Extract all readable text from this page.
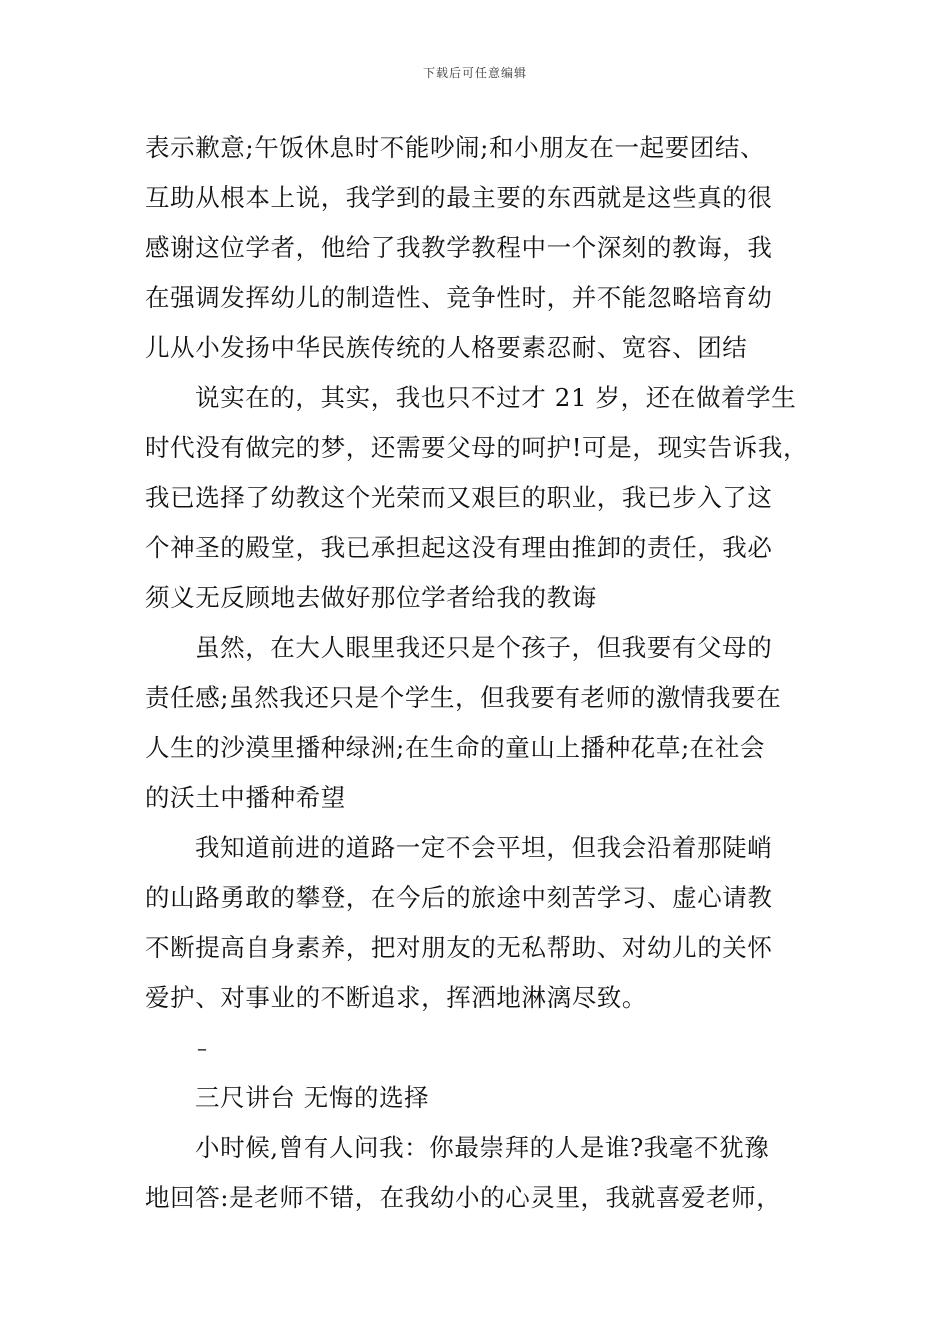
下载后可任意编辑
表示歉意;午饭休息时不能吵闹;和小朋友在一起要团结、
互助从根本上说，我学到的最主要的东西就是这些真的很
感谢这位学者，他给了我教学教程中一个深刻的教诲，我
在强调发挥幼儿的制造性、竞争性时，并不能忽略培育幼
儿从小发扬中华民族传统的人格要素忍耐、宽容、团结
说实在的，其实，我也只不过才 21 岁，还在做着学生
时代没有做完的梦，还需要父母的呵护!可是，现实告诉我，
我已选择了幼教这个光荣而又艰巨的职业，我已步入了这
个神圣的殿堂，我已承担起这没有理由推卸的责任，我必
须义无反顾地去做好那位学者给我的教诲
虽然，在大人眼里我还只是个孩子，但我要有父母的
责任感;虽然我还只是个学生，但我要有老师的激情我要在
人生的沙漠里播种绿洲;在生命的童山上播种花草;在社会
的沃土中播种希望
我知道前进的道路一定不会平坦，但我会沿着那陡峭
的山路勇敢的攀登，在今后的旅途中刻苦学习、虚心请教
不断提高自身素养，把对朋友的无私帮助、对幼儿的关怀
爱护、对事业的不断追求，挥洒地淋漓尽致。
–
三尺讲台 无悔的选择
小时候,曾有人问我：你最崇拜的人是谁?我毫不犹豫
地回答:是老师不错，在我幼小的心灵里，我就喜爱老师，
